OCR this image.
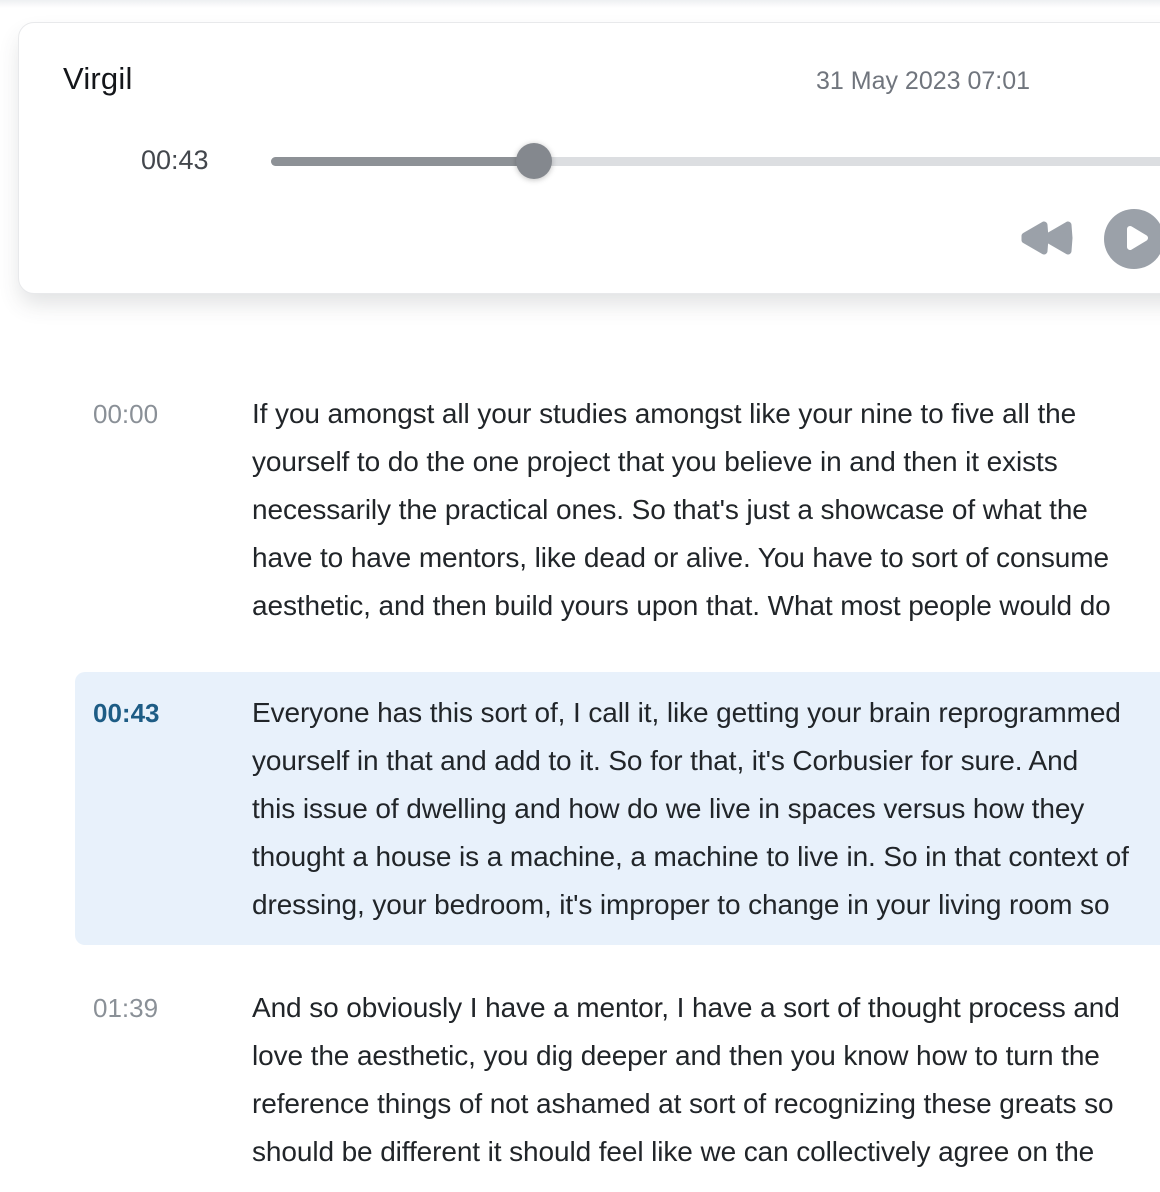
Virgil	31 May 2023 07:01
00:43
00:00	If you amongst all your studies amongst like your nine to five all the
yourself to do the one project that you believe in and then it exists
necessarily the practical ones. So that's just a showcase of what the
have to have mentors, like dead or alive. You have to sort of consume
aesthetic, and then build yours upon that. What most people would do
00:43	Everyone has this sort of, I call it, like getting your brain reprogrammed
yourself in that and add to it. So for that, it's Corbusier for sure. And
this issue of dwelling and how do we live in spaces versus how they
thought a house is a machine, a machine to live in. So in that context of
dressing, your bedroom, it's improper to change in your living room so
01:39	And so obviously I have a mentor, I have a sort of thought process and
love the aesthetic, you dig deeper and then you know how to turn the
reference things of not ashamed at sort of recognizing these greats so
should be different it should feel like we can collectively agree on the
